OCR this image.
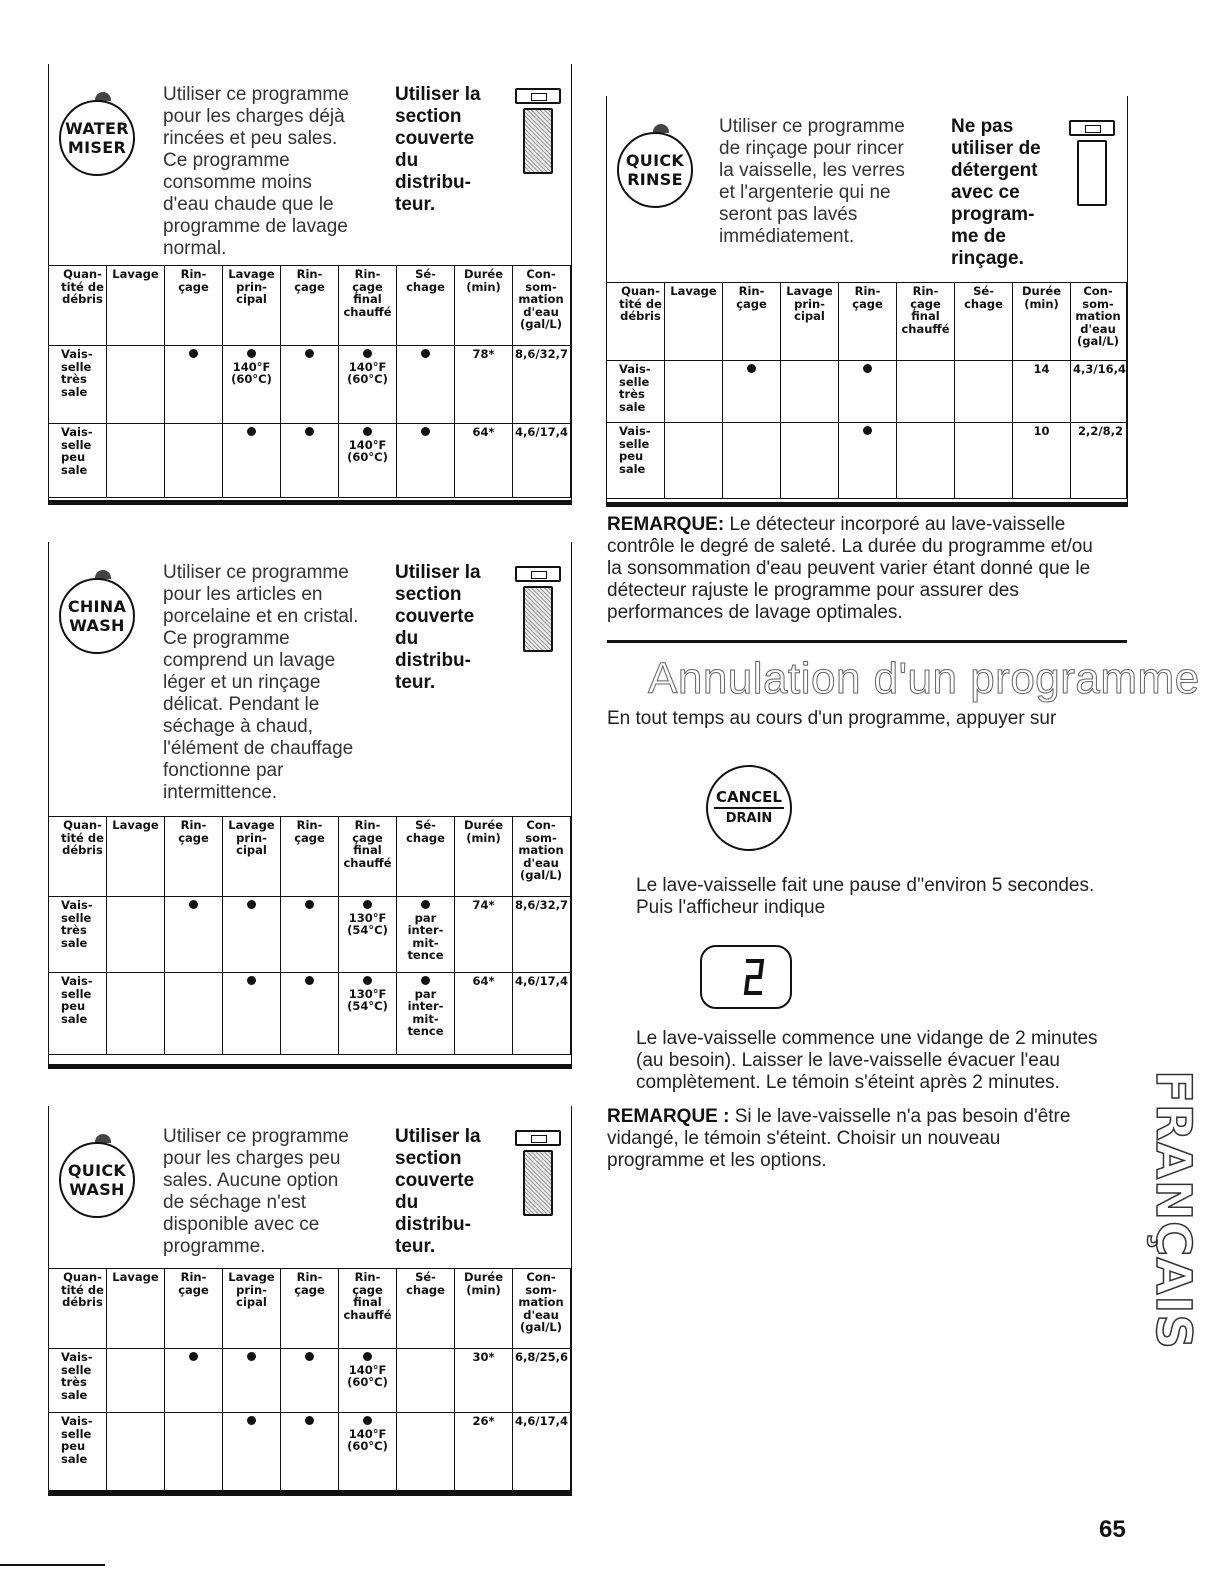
WATER
MISER
Utiliser ce programme
pour les charges déjà
rincées et peu sales.
Ce programme
consomme moins
d'eau chaude que le
programme de lavage
normal.
Utiliser la
section
couverte
du
distribu-
teur.
Quan- tité de débris	Lavage	Rin- çage	Lavage prin- cipal	Rin- çage	Rin- çage final chauffé	Sé- chage	Durée (min)	Con- som- mation d'eau (gal/L)
Vais- selle très sale			140°F (60°C)		140°F (60°C)		78*	8,6/32,7
Vais- selle peu sale					140°F (60°C)		64*	4,6/17,4
CHINA
WASH
Utiliser ce programme
pour les articles en
porcelaine et en cristal.
Ce programme
comprend un lavage
léger et un rinçage
délicat. Pendant le
séchage à chaud,
l'élément de chauffage
fonctionne par
intermittence.
Utiliser la
section
couverte
du
distribu-
teur.
Quan- tité de débris	Lavage	Rin- çage	Lavage prin- cipal	Rin- çage	Rin- çage final chauffé	Sé- chage	Durée (min)	Con- som- mation d'eau (gal/L)
Vais- selle très sale					130°F (54°C)	par inter- mit- tence	74*	8,6/32,7
Vais- selle peu sale					130°F (54°C)	par inter- mit- tence	64*	4,6/17,4
QUICK
WASH
Utiliser ce programme
pour les charges peu
sales. Aucune option
de séchage n'est
disponible avec ce
programme.
Utiliser la
section
couverte
du
distribu-
teur.
Quan- tité de débris	Lavage	Rin- çage	Lavage prin- cipal	Rin- çage	Rin- çage final chauffé	Sé- chage	Durée (min)	Con- som- mation d'eau (gal/L)
Vais- selle très sale					140°F (60°C)		30*	6,8/25,6
Vais- selle peu sale					140°F (60°C)		26*	4,6/17,4
QUICK
RINSE
Utiliser ce programme
de rinçage pour rincer
la vaisselle, les verres
et l'argenterie qui ne
seront pas lavés
immédiatement.
Ne pas
utiliser de
détergent
avec ce
program-
me de
rinçage.
Quan- tité de débris	Lavage	Rin- çage	Lavage prin- cipal	Rin- çage	Rin- çage final chauffé	Sé- chage	Durée (min)	Con- som- mation d'eau (gal/L)
Vais- selle très sale							14	4,3/16,4
Vais- selle peu sale							10	2,2/8,2
REMARQUE: Le détecteur incorporé au lave-vaisselle
contrôle le degré de saleté. La durée du programme et/ou
la sonsommation d'eau peuvent varier étant donné que le
détecteur rajuste le programme pour assurer des
performances de lavage optimales.
Annulation d'un programme
En tout temps au cours d'un programme, appuyer sur
CANCEL
DRAIN
Le lave-vaisselle fait une pause d''environ 5 secondes.
Puis l'afficheur indique
Le lave-vaisselle commence une vidange de 2 minutes
(au besoin). Laisser le lave-vaisselle évacuer l'eau
complètement. Le témoin s'éteint après 2 minutes.
REMARQUE : Si le lave-vaisselle n'a pas besoin d'être
vidangé, le témoin s'éteint. Choisir un nouveau
programme et les options.	FRANÇAIS
65
